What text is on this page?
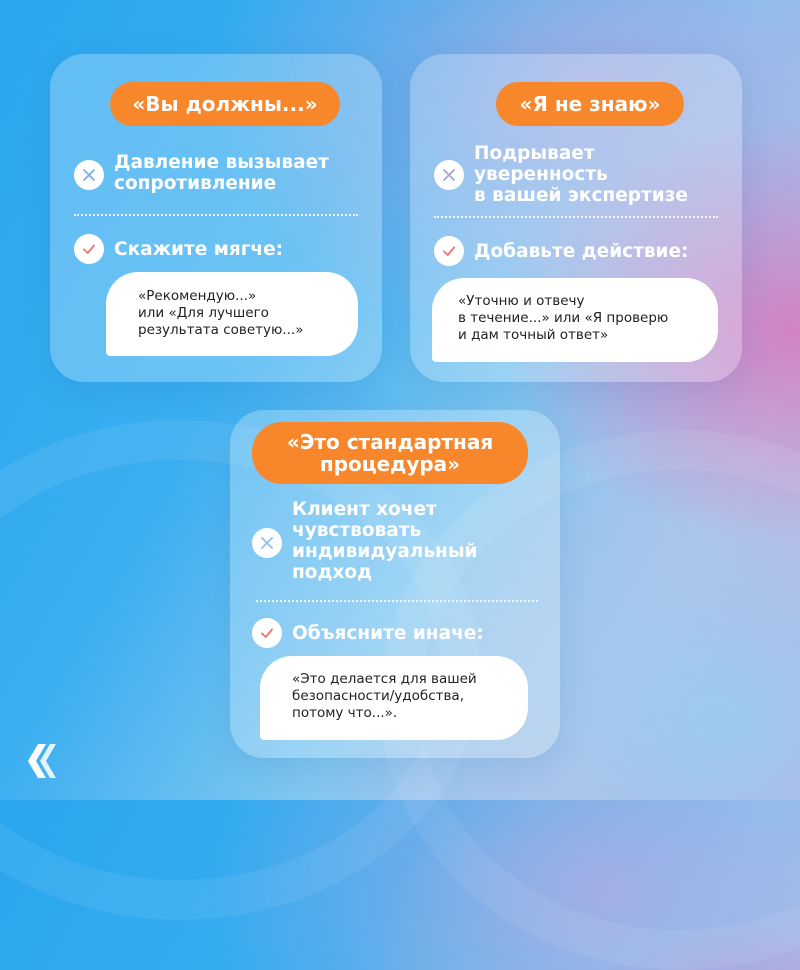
«Вы должны...»
Давление вызывает
сопротивление
Скажите мягче:
«Рекомендую...»
или «Для лучшего
результата советую...»
«Я не знаю»
Подрывает
уверенность
в вашей экспертизе
Добавьте действие:
«Уточню и отвечу
в течение...» или «Я проверю
и дам точный ответ»
«Это стандартная
процедура»
Клиент хочет
чувствовать
индивидуальный
подход
Объясните иначе:
«Это делается для вашей
безопасности/удобства,
потому что...».
